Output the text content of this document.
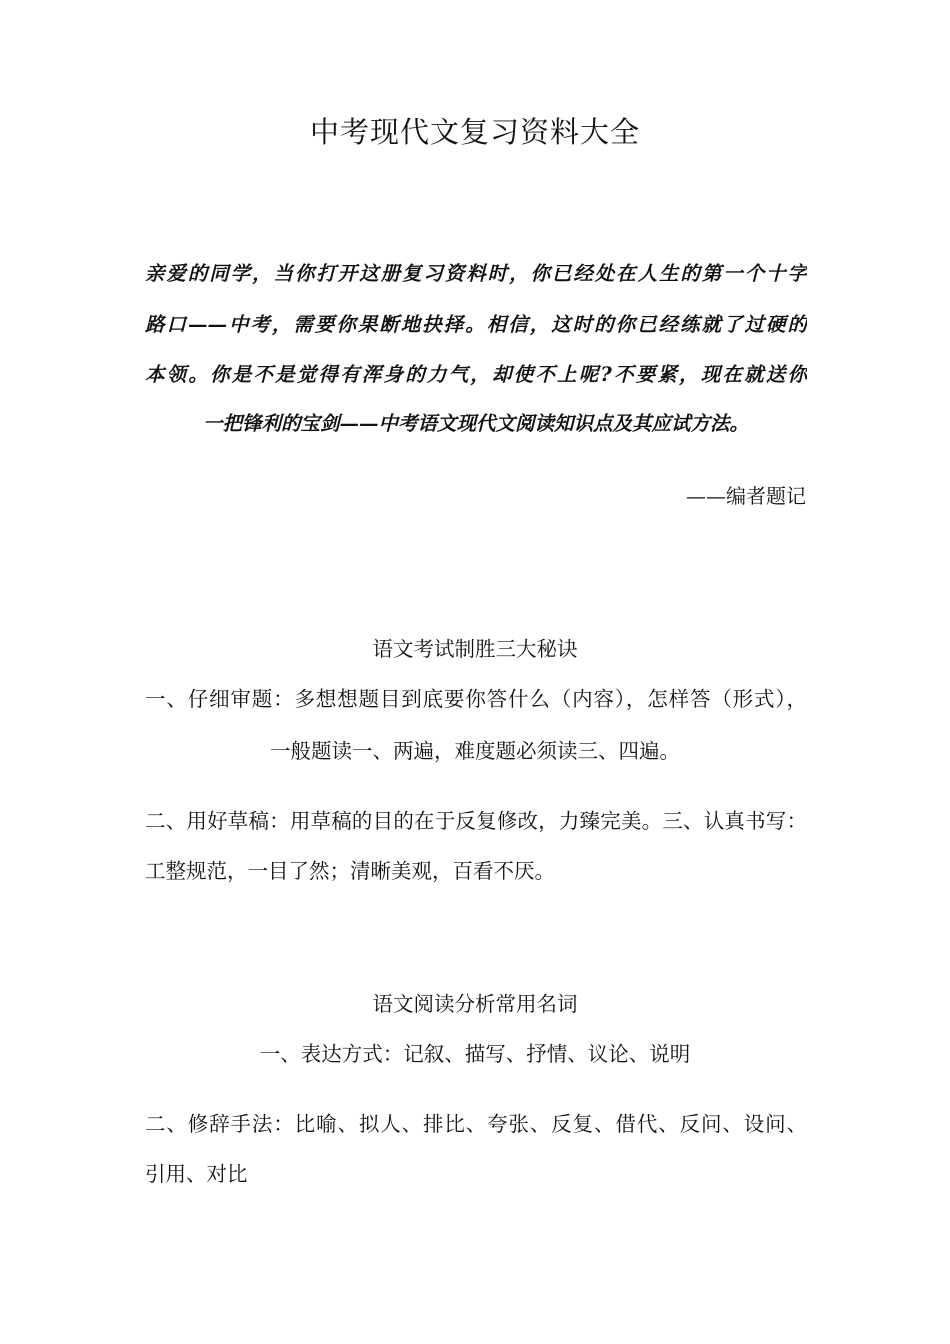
中考现代文复习资料大全
亲爱的同学，当你打开这册复习资料时，你已经处在人生的第一个十字
路口——中考，需要你果断地抉择。相信，这时的你已经练就了过硬的
本领。你是不是觉得有浑身的力气，却使不上呢?不要紧，现在就送你
一把锋利的宝剑——中考语文现代文阅读知识点及其应试方法。
——编者题记
语文考试制胜三大秘诀
一、仔细审题：多想想题目到底要你答什么（内容），怎样答（形式），
一般题读一、两遍，难度题必须读三、四遍。
二、用好草稿：用草稿的目的在于反复修改，力臻完美。三、认真书写：
工整规范，一目了然；清晰美观，百看不厌。
语文阅读分析常用名词
一、表达方式：记叙、描写、抒情、议论、说明
二、修辞手法：比喻、拟人、排比、夸张、反复、借代、反问、设问、
引用、对比
